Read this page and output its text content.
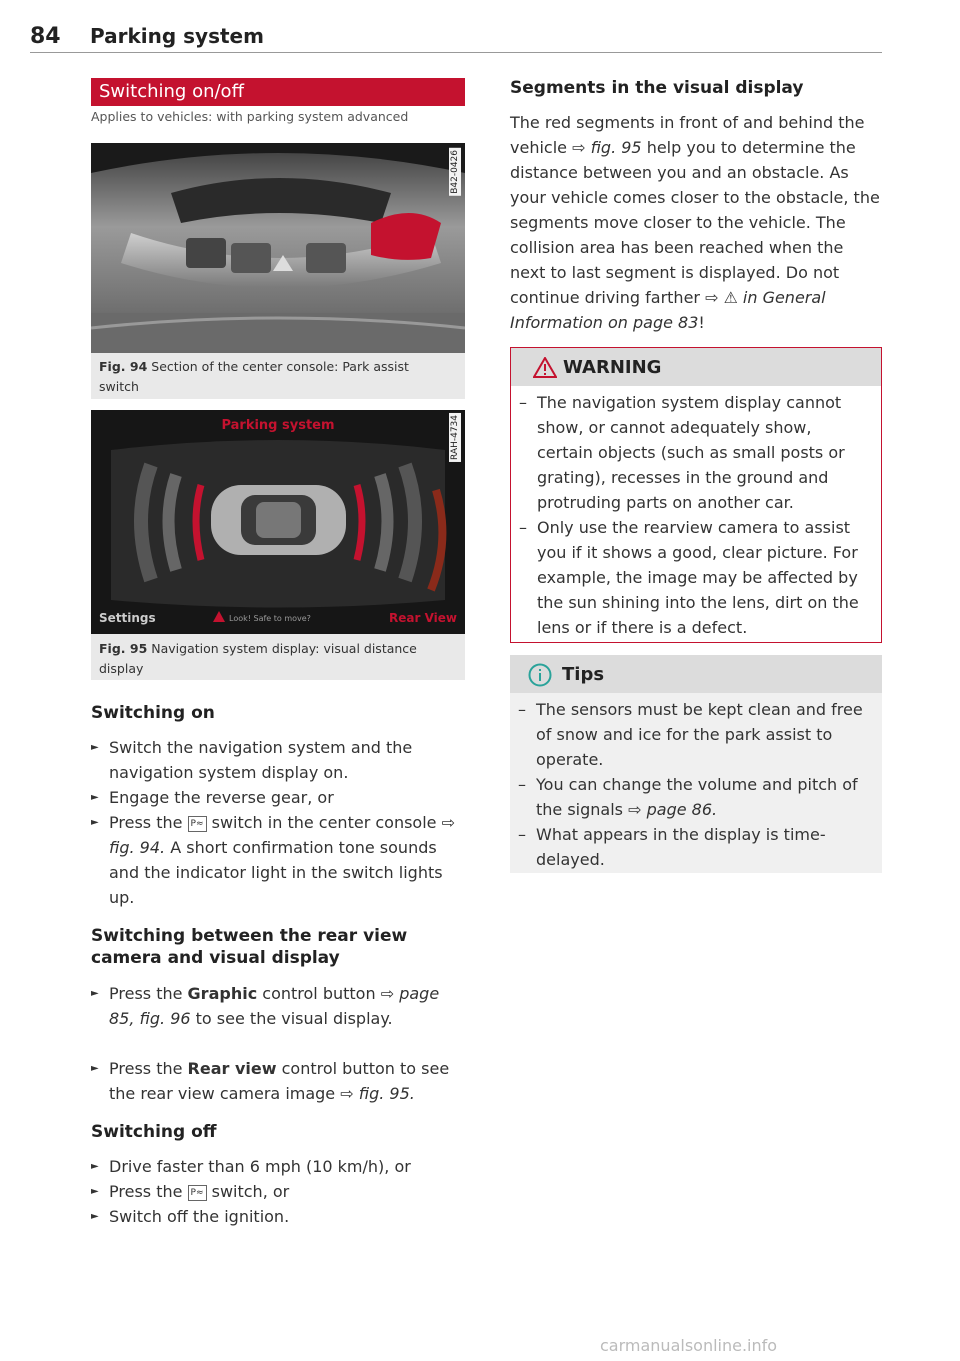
84 Parking system
Switching on/off
Applies to vehicles: with parking system advanced
B42-0426
Fig. 94 Section of the center console: Park assist switch
Parking system
Settings	Look! Safe to move?	Rear View
RAH-4734
Fig. 95 Navigation system display: visual distance display
Switching on
► Switch the navigation system and the navigation system display on.
► Engage the reverse gear, or
► Press the P≈ switch in the center console ⇨ fig. 94. A short confirmation tone sounds and the indicator light in the switch lights up.
Switching between the rear view camera and visual display
► Press the Graphic control button ⇨ page 85, fig. 96 to see the visual display.
► Press the Rear view control button to see the rear view camera image ⇨ fig. 95.
Switching off
► Drive faster than 6 mph (10 km/h), or
► Press the P≈ switch, or
► Switch off the ignition.
Segments in the visual display
The red segments in front of and behind the vehicle ⇨ fig. 95 help you to determine the distance between you and an obstacle. As your vehicle comes closer to the obstacle, the segments move closer to the vehicle. The collision area has been reached when the next to last segment is displayed. Do not continue driving farther ⇨ ⚠ in General Information on page 83!
WARNING
– The navigation system display cannot show, or cannot adequately show, certain objects (such as small posts or grating), recesses in the ground and protruding parts on another car.
– Only use the rearview camera to assist you if it shows a good, clear picture. For example, the image may be affected by the sun shining into the lens, dirt on the lens or if there is a defect.
Tips
– The sensors must be kept clean and free of snow and ice for the park assist to operate.
– You can change the volume and pitch of the signals ⇨ page 86.
– What appears in the display is time-delayed.
carmanualsonline.info
